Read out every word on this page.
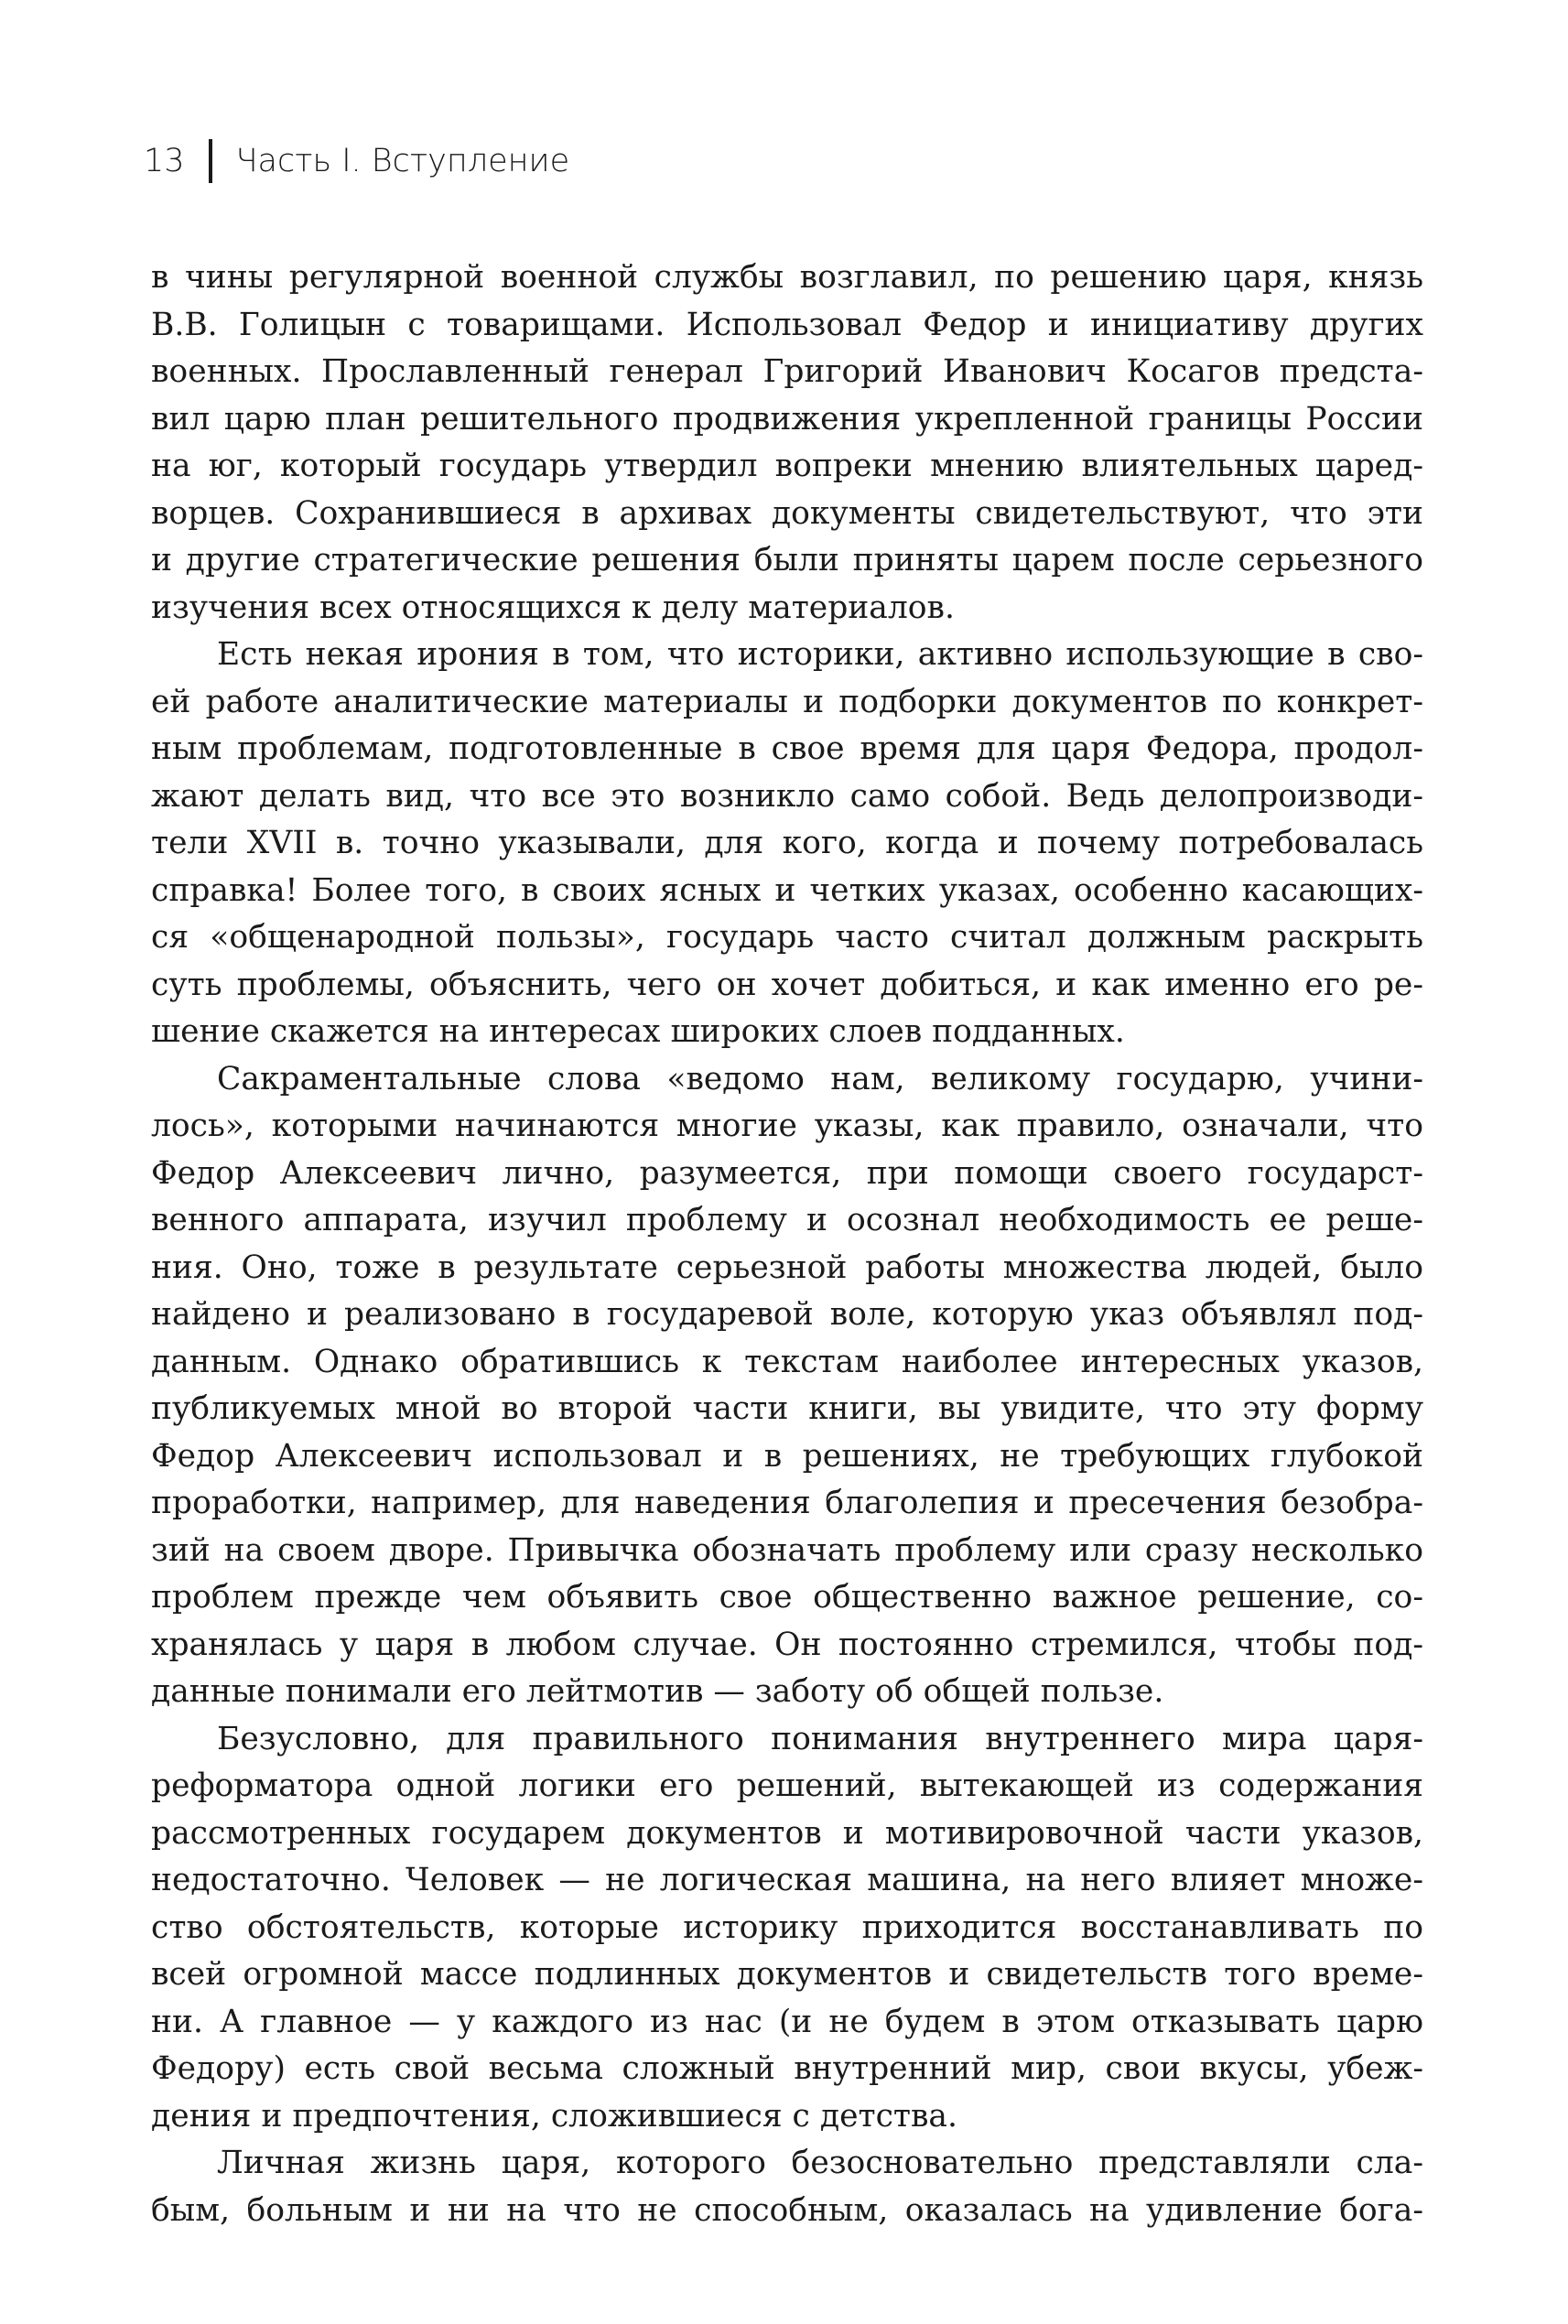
13 Часть I. Вступление
в чины регулярной военной службы возглавил, по решению царя, князь
В.В. Голицын с товарищами. Использовал Федор и инициативу других
военных. Прославленный генерал Григорий Иванович Косагов предста-
вил царю план решительного продвижения укрепленной границы России
на юг, который государь утвердил вопреки мнению влиятельных царед-
ворцев. Сохранившиеся в архивах документы свидетельствуют, что эти
и другие стратегические решения были приняты царем после серьезного
изучения всех относящихся к делу материалов.
Есть некая ирония в том, что историки, активно использующие в сво-
ей работе аналитические материалы и подборки документов по конкрет-
ным проблемам, подготовленные в свое время для царя Федора, продол-
жают делать вид, что все это возникло само собой. Ведь делопроизводи-
тели XVII в. точно указывали, для кого, когда и почему потребовалась
справка! Более того, в своих ясных и четких указах, особенно касающих-
ся «общенародной пользы», государь часто считал должным раскрыть
суть проблемы, объяснить, чего он хочет добиться, и как именно его ре-
шение скажется на интересах широких слоев подданных.
Сакраментальные слова «ведомо нам, великому государю, учини-
лось», которыми начинаются многие указы, как правило, означали, что
Федор Алексеевич лично, разумеется, при помощи своего государст-
венного аппарата, изучил проблему и осознал необходимость ее реше-
ния. Оно, тоже в результате серьезной работы множества людей, было
найдено и реализовано в государевой воле, которую указ объявлял под-
данным. Однако обратившись к текстам наиболее интересных указов,
публикуемых мной во второй части книги, вы увидите, что эту форму
Федор Алексеевич использовал и в решениях, не требующих глубокой
проработки, например, для наведения благолепия и пресечения безобра-
зий на своем дворе. Привычка обозначать проблему или сразу несколько
проблем прежде чем объявить свое общественно важное решение, со-
хранялась у царя в любом случае. Он постоянно стремился, чтобы под-
данные понимали его лейтмотив — заботу об общей пользе.
Безусловно, для правильного понимания внутреннего мира царя-
реформатора одной логики его решений, вытекающей из содержания
рассмотренных государем документов и мотивировочной части указов,
недостаточно. Человек — не логическая машина, на него влияет множе-
ство обстоятельств, которые историку приходится восстанавливать по
всей огромной массе подлинных документов и свидетельств того време-
ни. А главное — у каждого из нас (и не будем в этом отказывать царю
Федору) есть свой весьма сложный внутренний мир, свои вкусы, убеж-
дения и предпочтения, сложившиеся с детства.
Личная жизнь царя, которого безосновательно представляли сла-
бым, больным и ни на что не способным, оказалась на удивление бога-
